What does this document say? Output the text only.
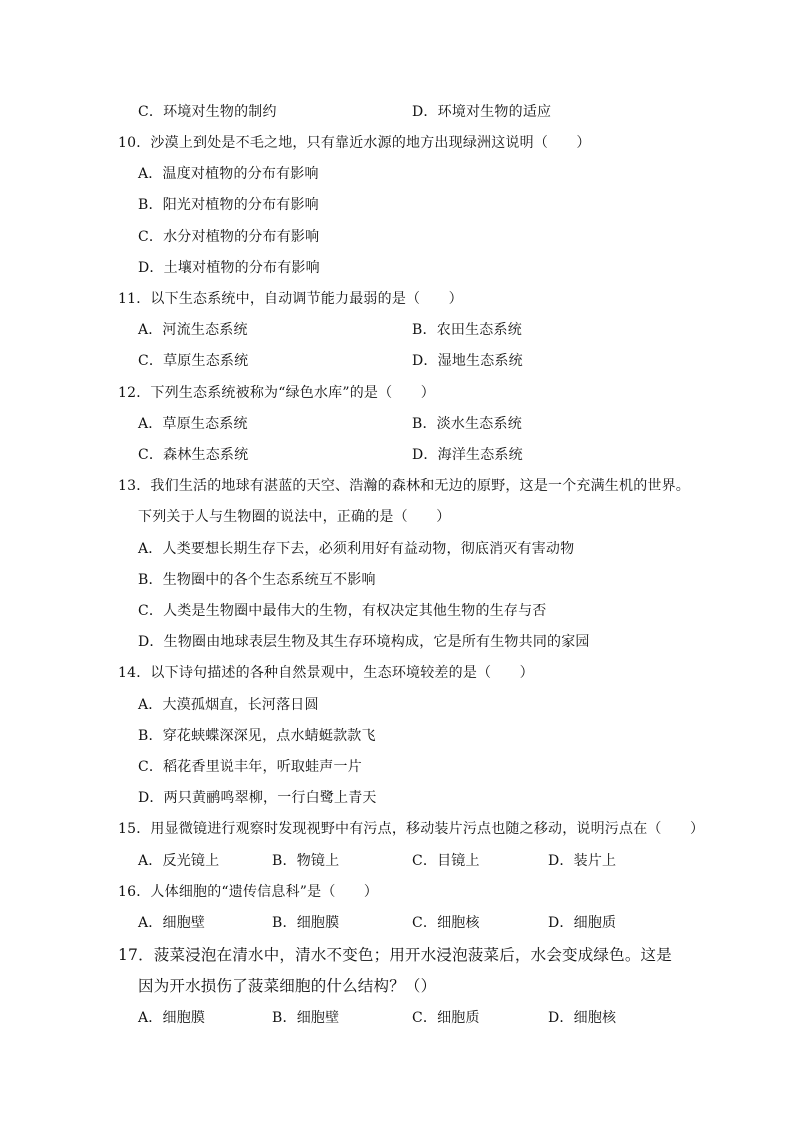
C．环境对生物的制约	D．环境对生物的适应
10．沙漠上到处是不毛之地，只有靠近水源的地方出现绿洲这说明（　　）
A．温度对植物的分布有影响
B．阳光对植物的分布有影响
C．水分对植物的分布有影响
D．土壤对植物的分布有影响
11．以下生态系统中，自动调节能力最弱的是（　　）
A．河流生态系统	B．农田生态系统
C．草原生态系统	D．湿地生态系统
12．下列生态系统被称为“绿色水库”的是（　　）
A．草原生态系统	B．淡水生态系统
C．森林生态系统	D．海洋生态系统
13．我们生活的地球有湛蓝的天空、浩瀚的森林和无边的原野，这是一个充满生机的世界。
下列关于人与生物圈的说法中，正确的是（　　）
A．人类要想长期生存下去，必须利用好有益动物，彻底消灭有害动物
B．生物圈中的各个生态系统互不影响
C．人类是生物圈中最伟大的生物，有权决定其他生物的生存与否
D．生物圈由地球表层生物及其生存环境构成，它是所有生物共同的家园
14．以下诗句描述的各种自然景观中，生态环境较差的是（　　）
A．大漠孤烟直，长河落日圆
B．穿花蛱蝶深深见，点水蜻蜓款款飞
C．稻花香里说丰年，听取蛙声一片
D．两只黄鹂鸣翠柳，一行白鹭上青天
15．用显微镜进行观察时发现视野中有污点，移动装片污点也随之移动，说明污点在（　　）
A．反光镜上	B．物镜上	C．目镜上	D．装片上
16．人体细胞的“遗传信息科”是（　　）
A．细胞壁	B．细胞膜	C．细胞核	D．细胞质
17．菠菜浸泡在清水中，清水不变色；用开水浸泡菠菜后，水会变成绿色。这是
因为开水损伤了菠菜细胞的什么结构？（）
A．细胞膜	B．细胞壁	C．细胞质	D．细胞核
